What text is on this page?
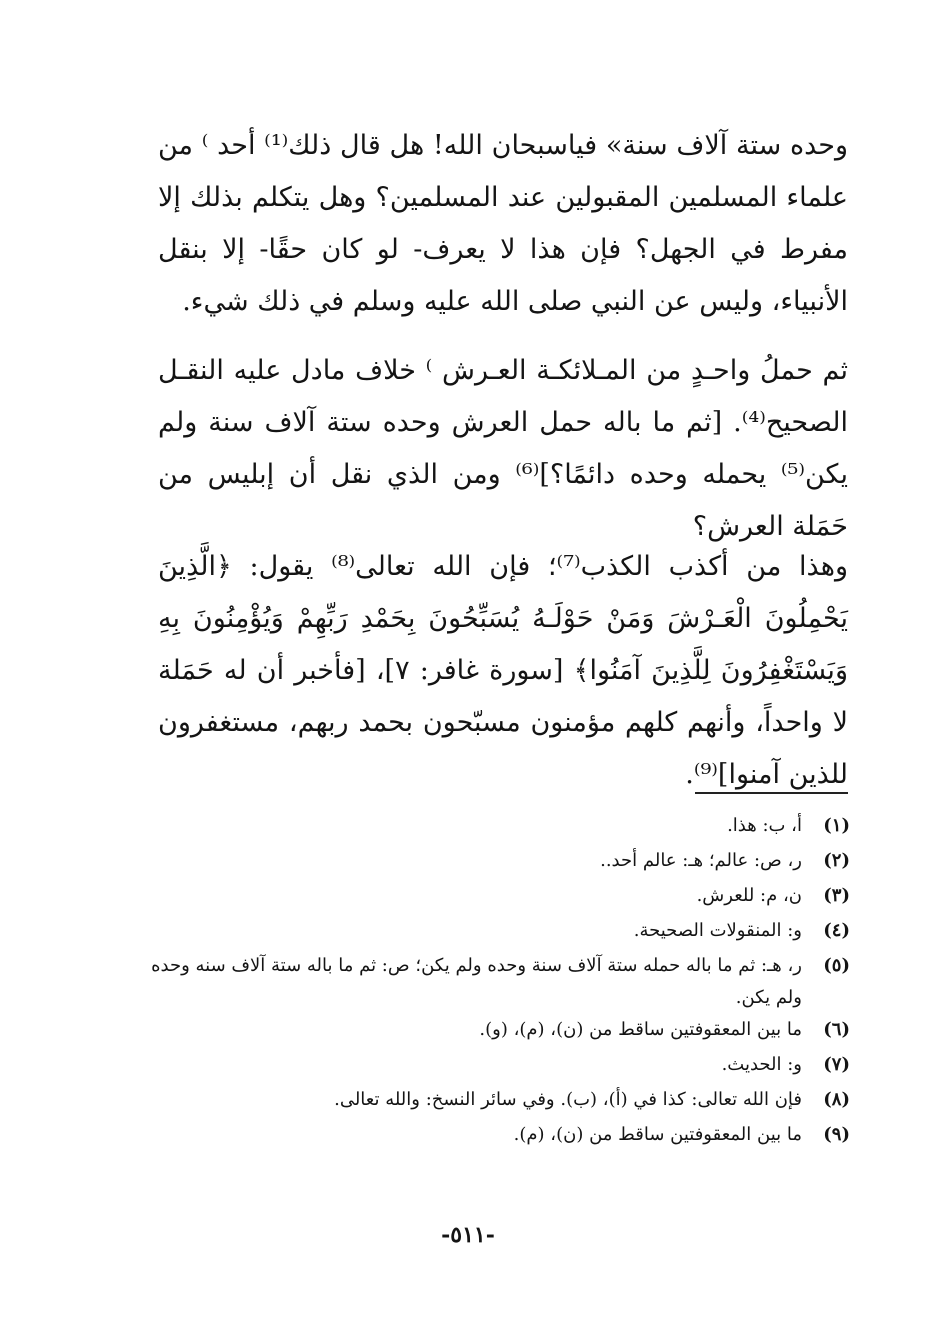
وحده ستة آلاف سنة» فياسبحان الله! هل قال ذلك⁽¹⁾ أحد ⁾ من علماء المسلمين المقبولين عند المسلمين؟ وهل يتكلم بذلك إلا مفرط في الجهل؟ فإن هذا لا يعرف- لو كان حقًا- إلا بنقل الأنبياء، وليس عن النبي صلى الله عليه وسلم في ذلك شيء.

ثم حملُ واحـدٍ من المـلائكـة العـرش ⁾ خلاف مادل عليه النقـل الصحيح⁽⁴⁾. [ثم ما باله حمل العرش وحده ستة آلاف سنة ولم يكن⁽⁵⁾ يحمله وحده دائمًا؟]⁽⁶⁾ ومن الذي نقل أن إبليس من حَمَلة العرش؟

وهذا من أكذب الكذب⁽⁷⁾؛ فإن الله تعالى⁽⁸⁾ يقول: ﴿الَّذِينَ يَحْمِلُونَ الْعَـرْشَ وَمَنْ حَوْلَـهُ يُسَبِّحُونَ بِحَمْدِ رَبِّهِمْ وَيُؤْمِنُونَ بِهِ وَيَسْتَغْفِرُونَ لِلَّذِينَ آمَنُوا﴾ [سورة غافر: ٧]، [فأخبر أن له حَمَلة لا واحداً، وأنهم كلهم مؤمنون مسبّحون بحمد ربهم، مستغفرون للذين آمنوا]⁽⁹⁾.

(١)
أ، ب: هذا.
(٢)
ر، ص: عالم؛ هـ: عالم أحد..
(٣)
ن، م: للعرش.
(٤)
و: المنقولات الصحيحة.
(٥)
ر، هـ: ثم ما باله حمله ستة آلاف سنة وحده ولم يكن؛ ص: ثم ما باله ستة آلاف سنه وحده ولم يكن.
(٦)
ما بين المعقوفتين ساقط من (ن)، (م)، (و).
(٧)
و: الحديث.
(٨)
فإن الله تعالى: كذا في (أ)، (ب). وفي سائر النسخ: والله تعالى.
(٩)
ما بين المعقوفتين ساقط من (ن)، (م).
-٥١١-
